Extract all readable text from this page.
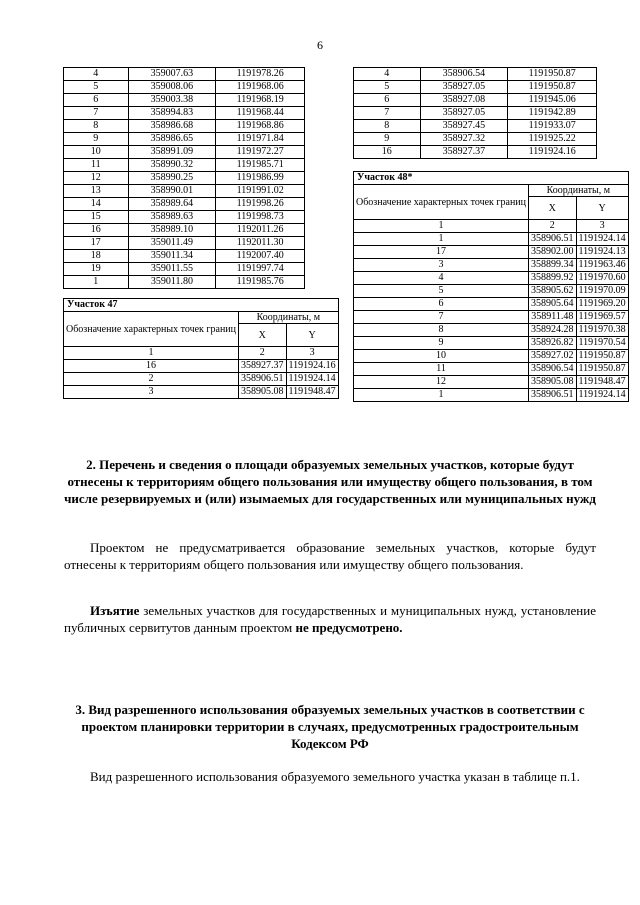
6
4	359007.63	1191978.26
5	359008.06	1191968.06
6	359003.38	1191968.19
7	358994.83	1191968.44
8	358986.68	1191968.86
9	358986.65	1191971.84
10	358991.09	1191972.27
11	358990.32	1191985.71
12	358990.25	1191986.99
13	358990.01	1191991.02
14	358989.64	1191998.26
15	358989.63	1191998.73
16	358989.10	1192011.26
17	359011.49	1192011.30
18	359011.34	1192007.40
19	359011.55	1191997.74
1	359011.80	1191985.76
Участок 47		
Обозначение характерных точек границ	Координаты, м	
	X	Y
1	2	3
16	358927.37	1191924.16
2	358906.51	1191924.14
3	358905.08	1191948.47
4	358906.54	1191950.87
5	358927.05	1191950.87
6	358927.08	1191945.06
7	358927.05	1191942.89
8	358927.45	1191933.07
9	358927.32	1191925.22
16	358927.37	1191924.16
Участок 48*		
Обозначение характерных точек границ	Координаты, м	
	X	Y
1	2	3
1	358906.51	1191924.14
17	358902.00	1191924.13
3	358899.34	1191963.46
4	358899.92	1191970.60
5	358905.62	1191970.09
6	358905.64	1191969.20
7	358911.48	1191969.57
8	358924.28	1191970.38
9	358926.82	1191970.54
10	358927.02	1191950.87
11	358906.54	1191950.87
12	358905.08	1191948.47
1	358906.51	1191924.14
2. Перечень и сведения о площади образуемых земельных участков, которые будут отнесены к территориям общего пользования или имуществу общего пользования, в том числе резервируемых и (или) изымаемых для государственных или муниципальных нужд
Проектом не предусматривается образование земельных участков, которые будут отнесены к территориям общего пользования или имуществу общего пользования.
Изъятие земельных участков для государственных и муниципальных нужд, установление публичных сервитутов данным проектом не предусмотрено.
3. Вид разрешенного использования образуемых земельных участков в соответствии с проектом планировки территории в случаях, предусмотренных градостроительным Кодексом РФ
Вид разрешенного использования образуемого земельного участка указан в таблице п.1.
